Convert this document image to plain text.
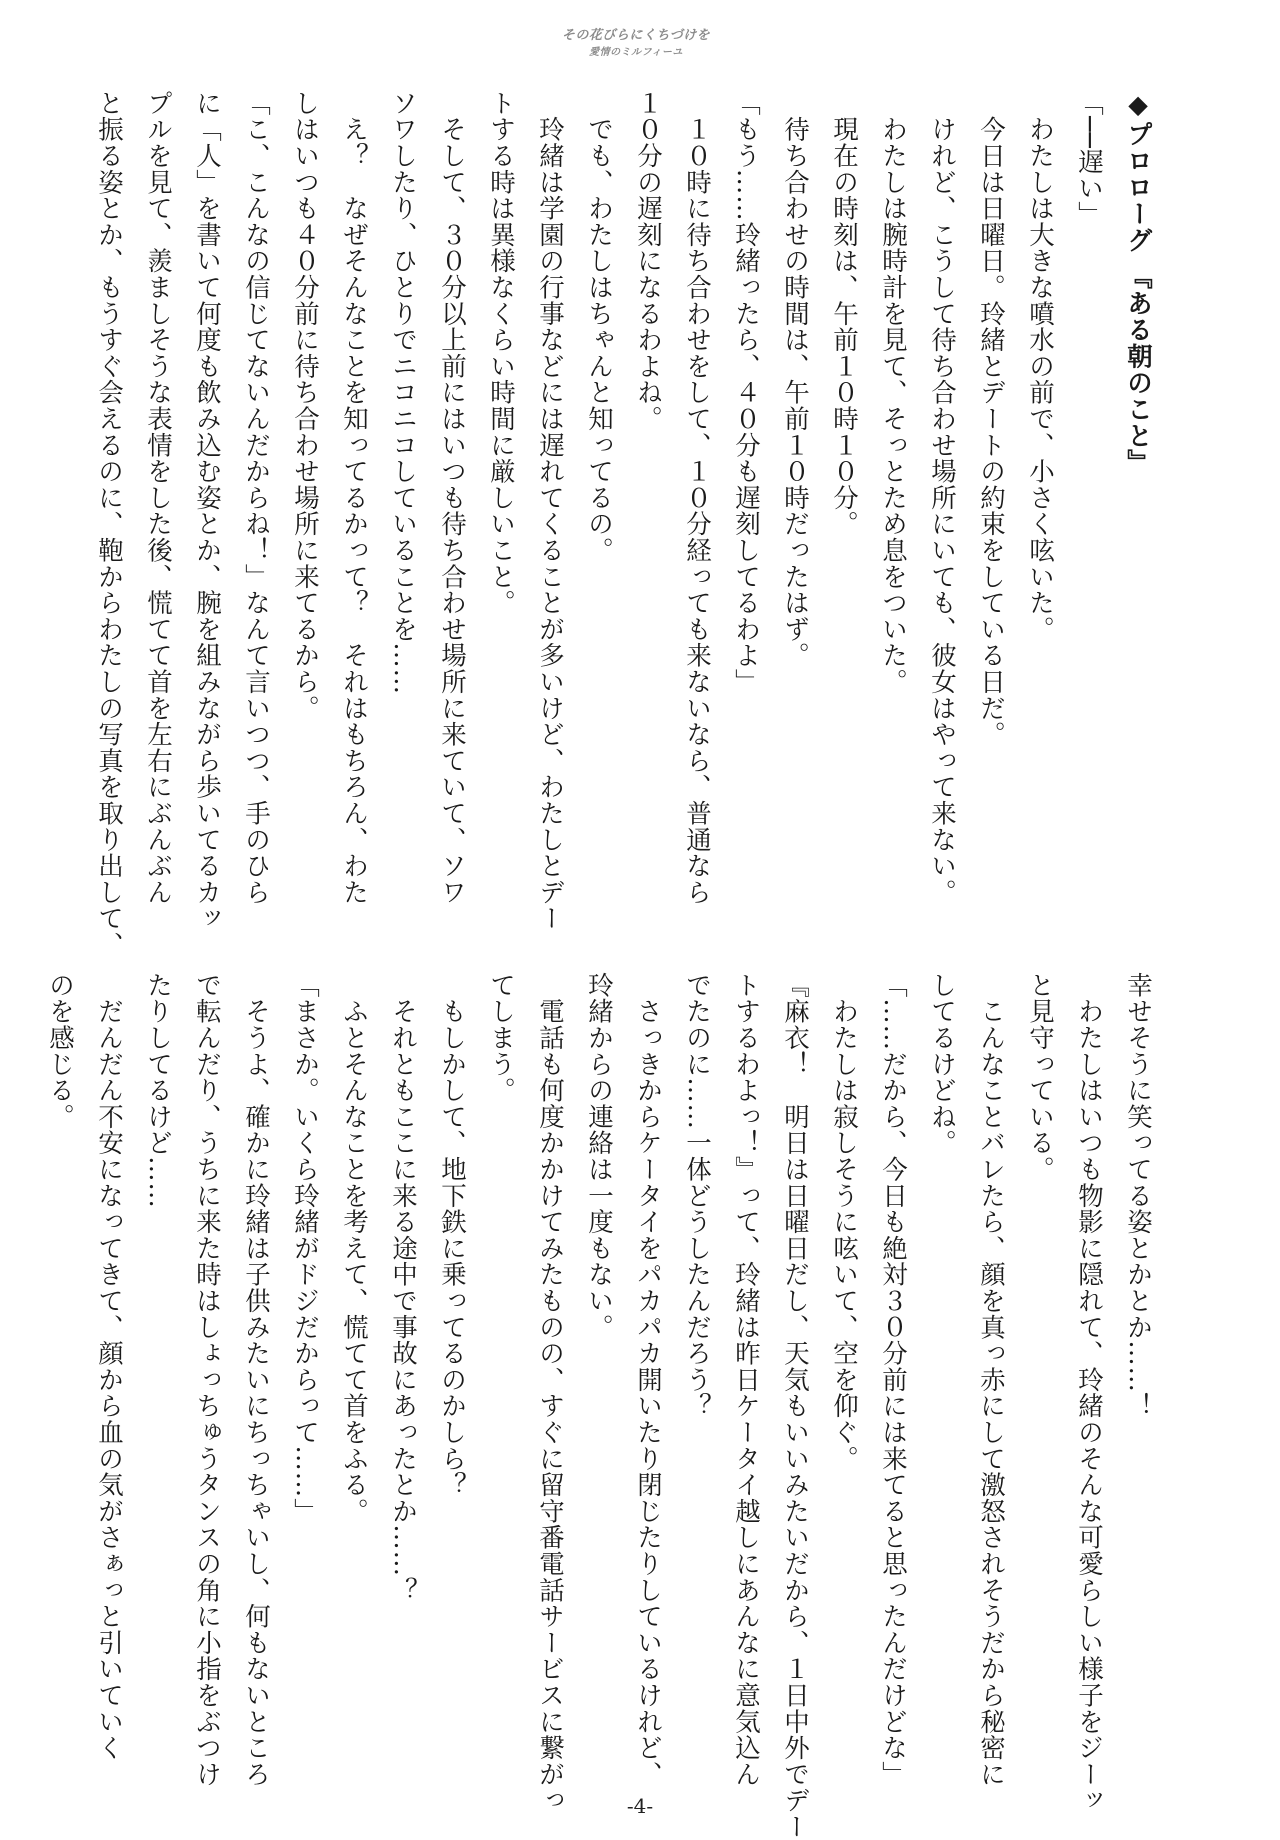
その花びらにくちづけを
愛情のミルフィーユ

◆プロローグ 『ある朝のこと』

「──遅い」

　わたしは大きな噴水の前で、小さく呟いた。

　今日は日曜日。玲緒とデートの約束をしている日だ。

　けれど、こうして待ち合わせ場所にいても、彼女はやって来ない。

　わたしは腕時計を見て、そっとため息をついた。

　現在の時刻は、午前１０時１０分。

　待ち合わせの時間は、午前１０時だったはず。

「もう……玲緒ったら、４０分も遅刻してるわよ」

　１０時に待ち合わせをして、１０分経っても来ないなら、普通なら

１０分の遅刻になるわよね。

　でも、わたしはちゃんと知ってるの。

　玲緒は学園の行事などには遅れてくることが多いけど、わたしとデー

トする時は異様なくらい時間に厳しいこと。

　そして、３０分以上前にはいつも待ち合わせ場所に来ていて、ソワ

ソワしたり、ひとりでニコニコしていることを……

　え？　なぜそんなことを知ってるかって？　それはもちろん、わた

しはいつも４０分前に待ち合わせ場所に来てるから。

「こ、こんなの信じてないんだからね！」なんて言いつつ、手のひら

に「人」を書いて何度も飲み込む姿とか、腕を組みながら歩いてるカッ

プルを見て、羨ましそうな表情をした後、慌てて首を左右にぶんぶん

と振る姿とか、もうすぐ会えるのに、鞄からわたしの写真を取り出して、

幸せそうに笑ってる姿とかとか……！

　わたしはいつも物影に隠れて、玲緒のそんな可愛らしい様子をジーッ

と見守っている。

　こんなことバレたら、顔を真っ赤にして激怒されそうだから秘密に

してるけどね。

「……だから、今日も絶対３０分前には来てると思ったんだけどな」

　わたしは寂しそうに呟いて、空を仰ぐ。

『麻衣！　明日は日曜日だし、天気もいいみたいだから、１日中外でデー

トするわよっ！』って、玲緒は昨日ケータイ越しにあんなに意気込ん

でたのに……一体どうしたんだろう？

　さっきからケータイをパカパカ開いたり閉じたりしているけれど、

玲緒からの連絡は一度もない。

　電話も何度かかけてみたものの、すぐに留守番電話サービスに繋がっ

てしまう。

　もしかして、地下鉄に乗ってるのかしら？

　それともここに来る途中で事故にあったとか……？

　ふとそんなことを考えて、慌てて首をふる。

「まさか。いくら玲緒がドジだからって……」

　そうよ、確かに玲緒は子供みたいにちっちゃいし、何もないところ

で転んだり、うちに来た時はしょっちゅうタンスの角に小指をぶつけ

たりしてるけど……

　だんだん不安になってきて、顔から血の気がさぁっと引いていく

のを感じる。

-4-
